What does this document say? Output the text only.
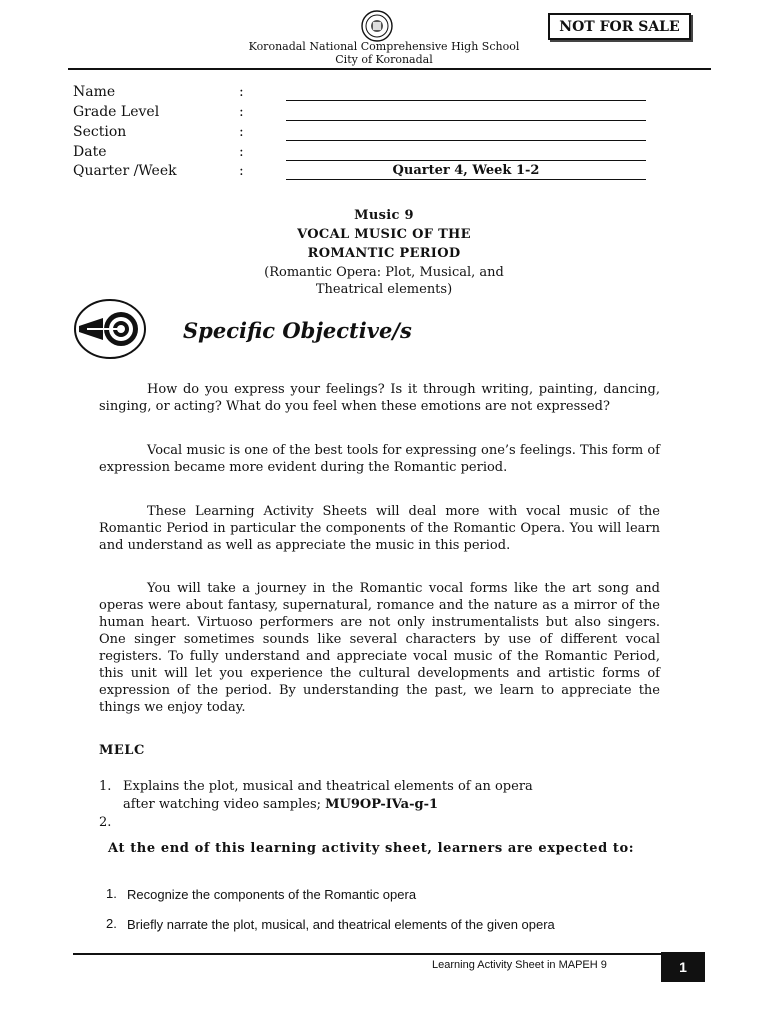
NOT FOR SALE
Koronadal National Comprehensive High School
City of Koronadal
Name	:
Grade Level	:
Section	:
Date	:
Quarter /Week	:	Quarter 4, Week 1-2
Music 9
VOCAL MUSIC OF THE
ROMANTIC PERIOD
(Romantic Opera: Plot, Musical, and
Theatrical elements)
Specific Objective/s
How do you express your feelings? Is it through writing, painting, dancing, singing, or acting? What do you feel when these emotions are not expressed?
Vocal music is one of the best tools for expressing one’s feelings. This form of expression became more evident during the Romantic period.
These Learning Activity Sheets will deal more with vocal music of the Romantic Period in particular the components of the Romantic Opera. You will learn and understand as well as appreciate the music in this period.
You will take a journey in the Romantic vocal forms like the art song and operas were about fantasy, supernatural, romance and the nature as a mirror of the human heart. Virtuoso performers are not only instrumentalists but also singers. One singer sometimes sounds like several characters by use of different vocal registers. To fully understand and appreciate vocal music of the Romantic Period, this unit will let you experience the cultural developments and artistic forms of expression of the period. By understanding the past, we learn to appreciate the things we enjoy today.
MELC
1. Explains the plot, musical and theatrical elements of an opera
after watching video samples; MU9OP-IVa-g-1
2.
At the end of this learning activity sheet, learners are expected to:
1. Recognize the components of the Romantic opera
2. Briefly narrate the plot, musical, and theatrical elements of the given opera
Learning Activity Sheet in MAPEH 9	1
